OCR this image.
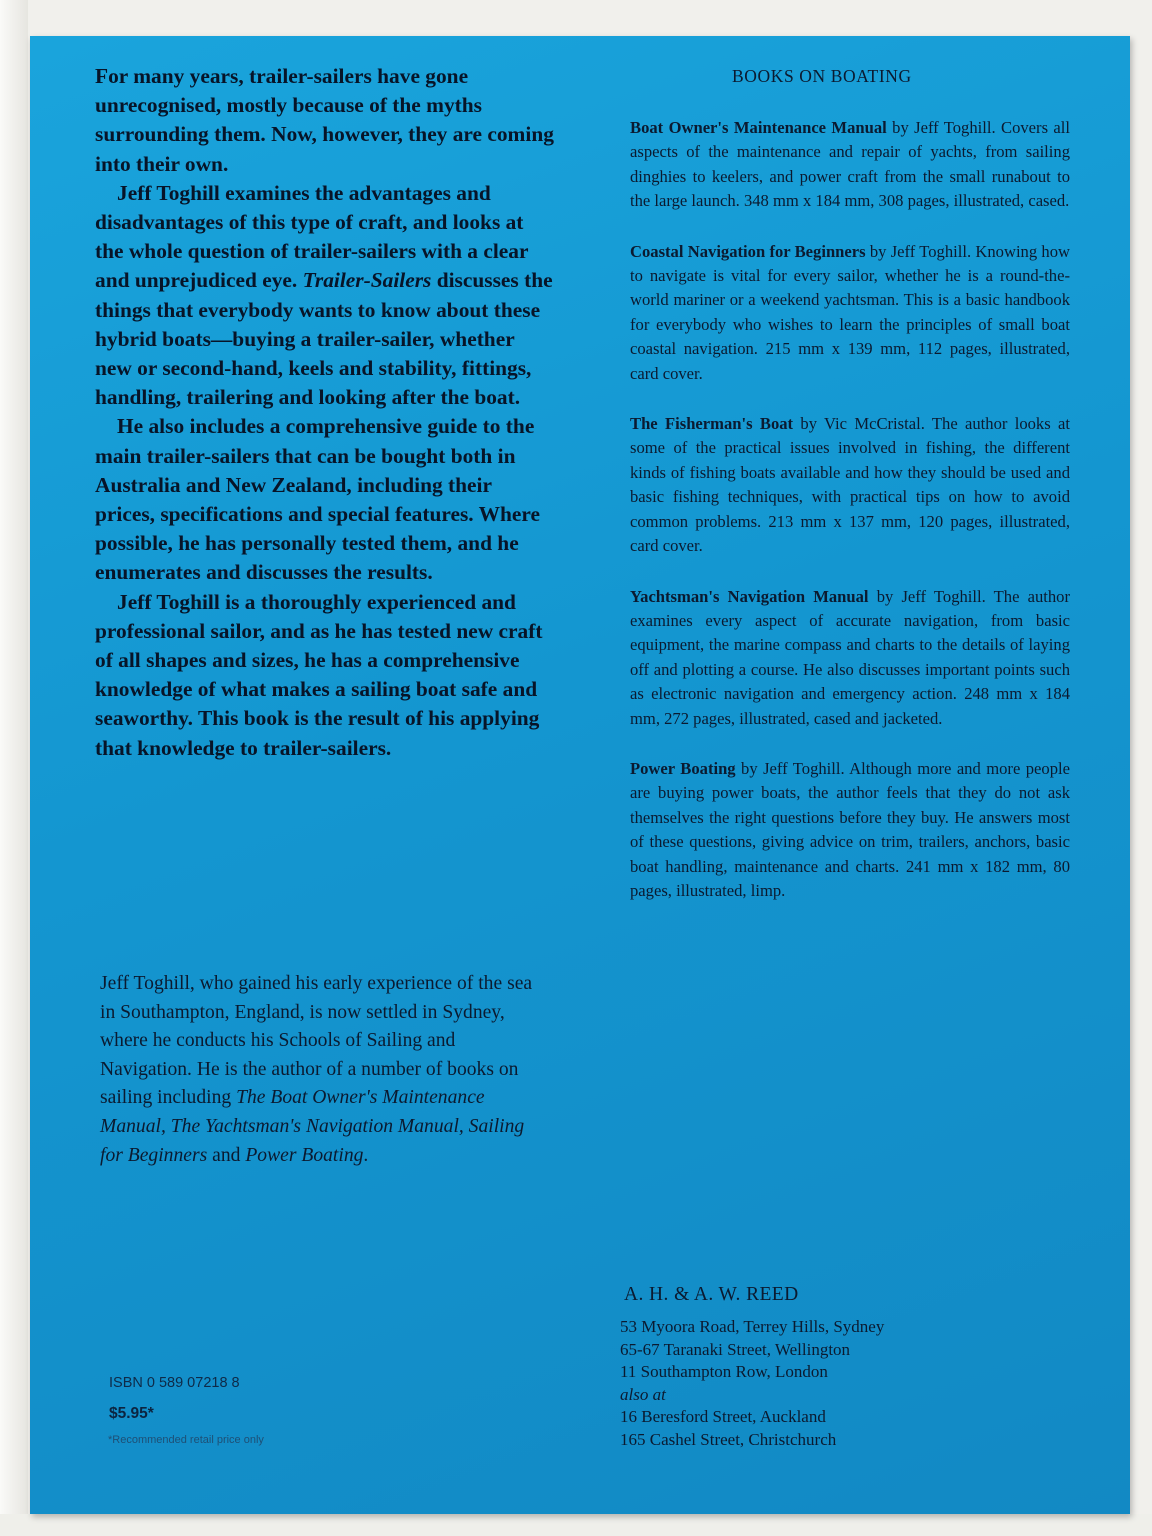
For many years, trailer-sailers have gone unrecognised, mostly because of the myths surrounding them. Now, however, they are coming into their own.

Jeff Toghill examines the advantages and disadvantages of this type of craft, and looks at the whole question of trailer-sailers with a clear and unprejudiced eye. Trailer-Sailers discusses the things that everybody wants to know about these hybrid boats—buying a trailer-sailer, whether new or second-hand, keels and stability, fittings, handling, trailering and looking after the boat.

He also includes a comprehensive guide to the main trailer-sailers that can be bought both in Australia and New Zealand, including their prices, specifications and special features. Where possible, he has personally tested them, and he enumerates and discusses the results.

Jeff Toghill is a thoroughly experienced and professional sailor, and as he has tested new craft of all shapes and sizes, he has a comprehensive knowledge of what makes a sailing boat safe and seaworthy. This book is the result of his applying that knowledge to trailer-sailers.

Jeff Toghill, who gained his early experience of the sea in Southampton, England, is now settled in Sydney, where he conducts his Schools of Sailing and Navigation. He is the author of a number of books on sailing including The Boat Owner's Maintenance Manual, The Yachtsman's Navigation Manual, Sailing for Beginners and Power Boating.

ISBN 0 589 07218 8
$5.95*
*Recommended retail price only
BOOKS ON BOATING

Boat Owner's Maintenance Manual by Jeff Toghill. Covers all aspects of the maintenance and repair of yachts, from sailing dinghies to keelers, and power craft from the small runabout to the large launch. 348 mm x 184 mm, 308 pages, illustrated, cased.

Coastal Navigation for Beginners by Jeff Toghill. Knowing how to navigate is vital for every sailor, whether he is a round-the-world mariner or a weekend yachtsman. This is a basic handbook for everybody who wishes to learn the principles of small boat coastal navigation. 215 mm x 139 mm, 112 pages, illustrated, card cover.

The Fisherman's Boat by Vic McCristal. The author looks at some of the practical issues involved in fishing, the different kinds of fishing boats available and how they should be used and basic fishing techniques, with practical tips on how to avoid common problems. 213 mm x 137 mm, 120 pages, illustrated, card cover.

Yachtsman's Navigation Manual by Jeff Toghill. The author examines every aspect of accurate navigation, from basic equipment, the marine compass and charts to the details of laying off and plotting a course. He also discusses important points such as electronic navigation and emergency action. 248 mm x 184 mm, 272 pages, illustrated, cased and jacketed.

Power Boating by Jeff Toghill. Although more and more people are buying power boats, the author feels that they do not ask themselves the right questions before they buy. He answers most of these questions, giving advice on trim, trailers, anchors, basic boat handling, maintenance and charts. 241 mm x 182 mm, 80 pages, illustrated, limp.

A. H. & A. W. REED
53 Myoora Road, Terrey Hills, Sydney
65-67 Taranaki Street, Wellington
11 Southampton Row, London
also at
16 Beresford Street, Auckland
165 Cashel Street, Christchurch
